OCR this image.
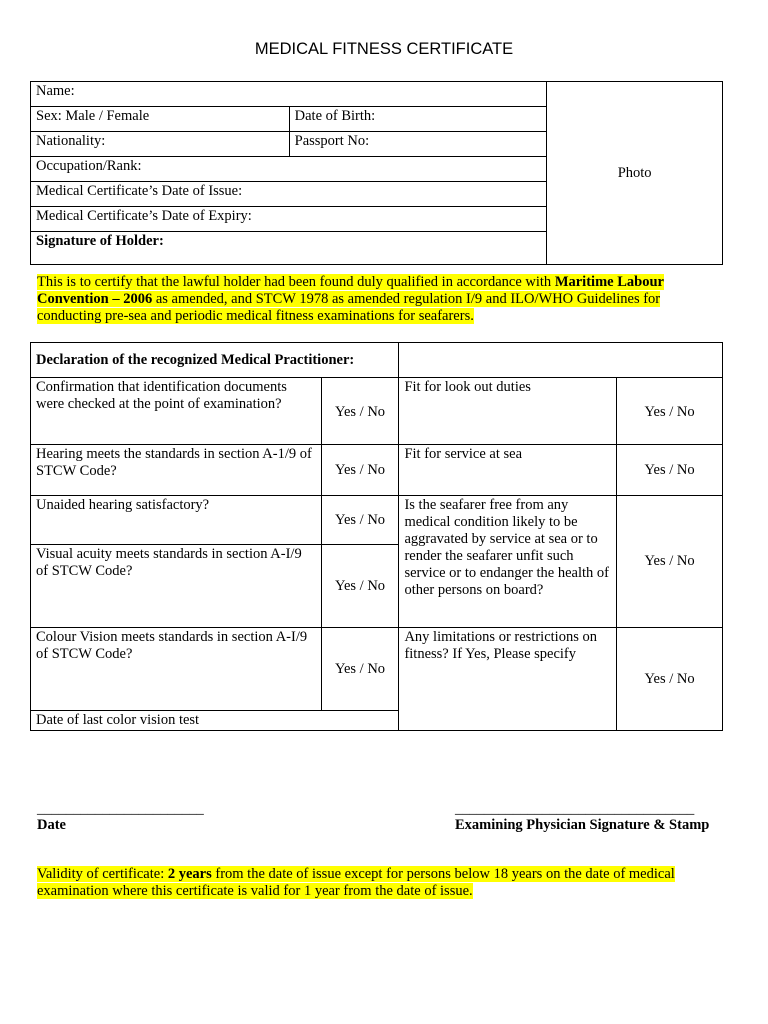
MEDICAL FITNESS CERTIFICATE
Name:		Photo
Sex: Male / Female	Date of Birth:	
Nationality:	Passport No:	
Occupation/Rank:		
Medical Certificate’s Date of Issue:		
Medical Certificate’s Date of Expiry:		
Signature of Holder:		
This is to certify that the lawful holder had been found duly qualified in accordance with Maritime Labour Convention – 2006 as amended, and STCW 1978 as amended regulation I/9 and ILO/WHO Guidelines for conducting pre-sea and periodic medical fitness examinations for seafarers.
Declaration of the recognized Medical Practitioner:			
Confirmation that identification documents were checked at the point of examination?	Yes / No	Fit for look out duties	Yes / No
Hearing meets the standards in section A-1/9 of STCW Code?	Yes / No	Fit for service at sea	Yes / No
Unaided hearing satisfactory?	Yes / No	Is the seafarer free from any medical condition likely to be aggravated by service at sea or to render the seafarer unfit such service or to endanger the health of other persons on board?	Yes / No
Visual acuity meets standards in section A-I/9 of STCW Code?	Yes / No		
Colour Vision meets standards in section A-I/9 of STCW Code?	Yes / No	Any limitations or restrictions on fitness? If Yes, Please specify	Yes / No
Date of last color vision test			
_______________________
Date
_________________________________
Examining Physician Signature & Stamp
Validity of certificate: 2 years from the date of issue except for persons below 18 years on the date of medical examination where this certificate is valid for 1 year from the date of issue.
